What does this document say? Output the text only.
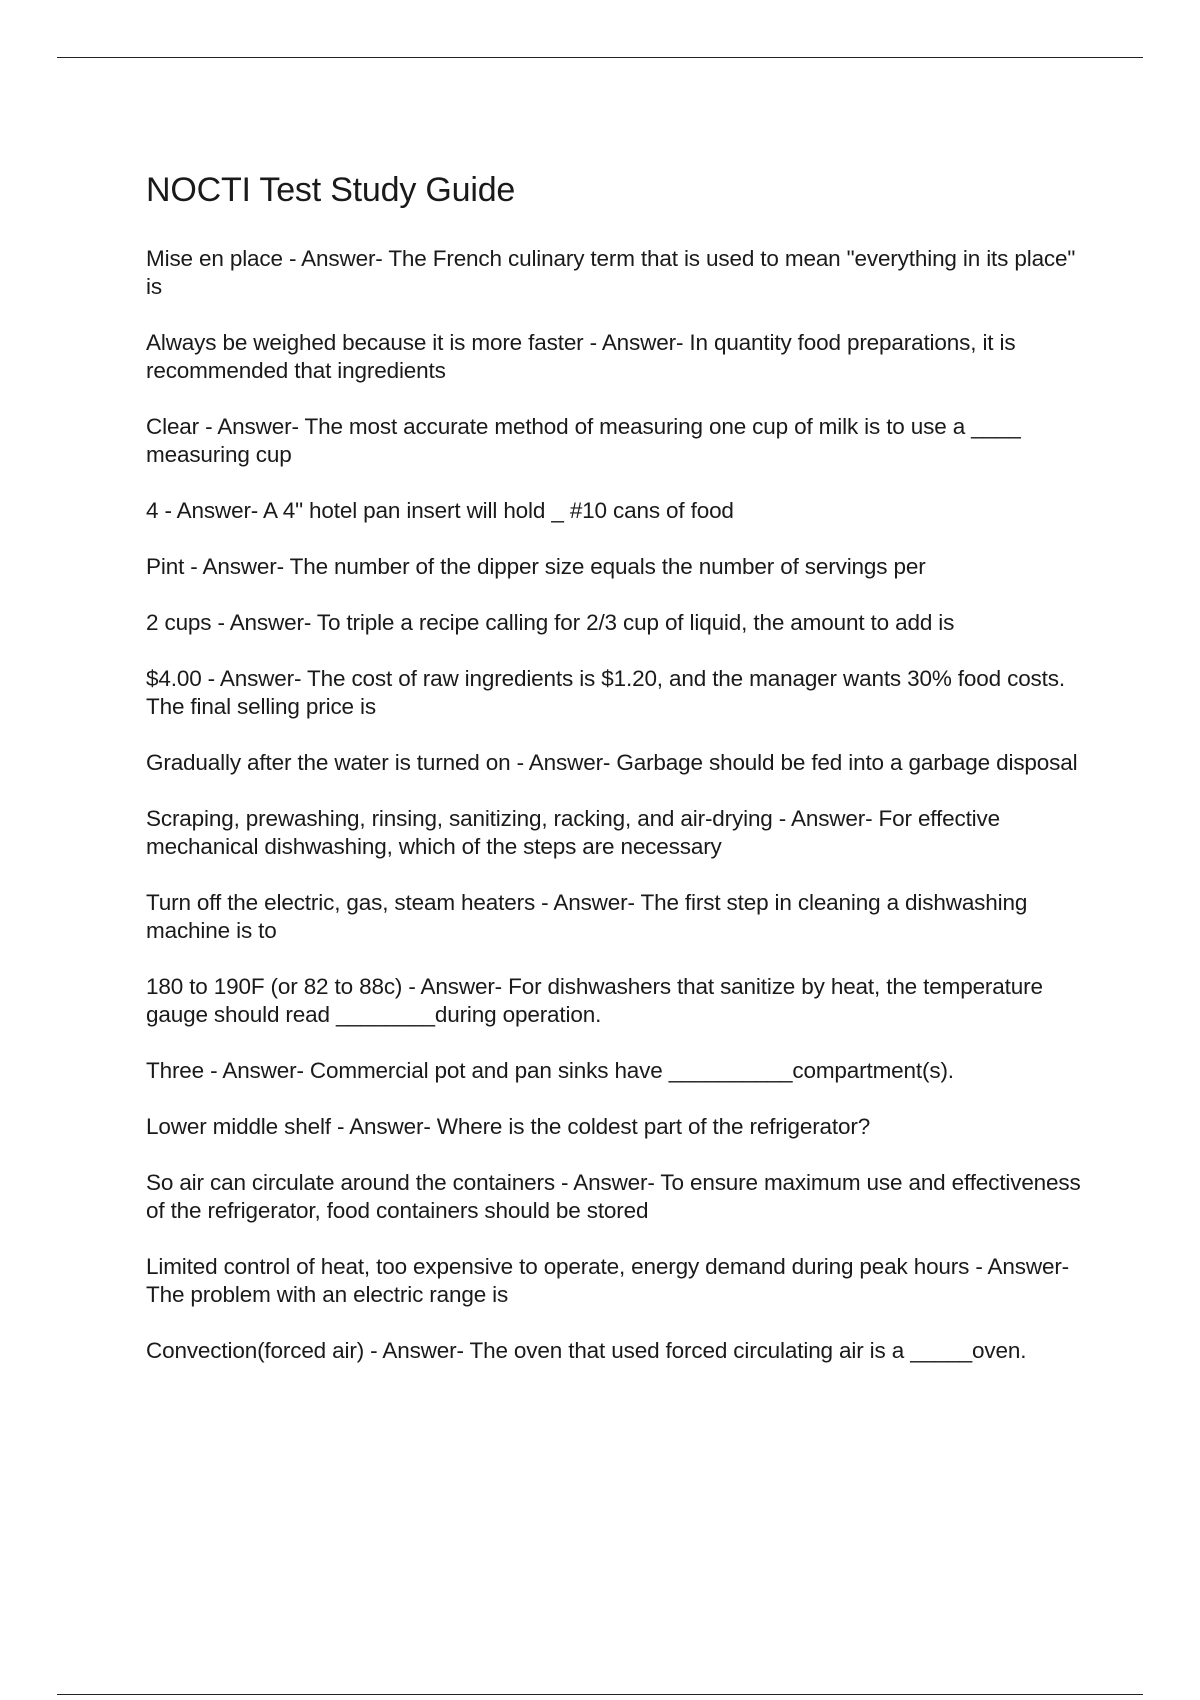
NOCTI Test Study Guide
Mise en place - Answer- The French culinary term that is used to mean "everything in its place" is
Always be weighed because it is more faster - Answer- In quantity food preparations, it is recommended that ingredients
Clear - Answer- The most accurate method of measuring one cup of milk is to use a ____ measuring cup
4 - Answer- A 4" hotel pan insert will hold _ #10 cans of food
Pint - Answer- The number of the dipper size equals the number of servings per
2 cups - Answer- To triple a recipe calling for 2/3 cup of liquid, the amount to add is
$4.00 - Answer- The cost of raw ingredients is $1.20, and the manager wants 30% food costs. The final selling price is
Gradually after the water is turned on - Answer- Garbage should be fed into a garbage disposal
Scraping, prewashing, rinsing, sanitizing, racking, and air-drying - Answer- For effective mechanical dishwashing, which of the steps are necessary
Turn off the electric, gas, steam heaters - Answer- The first step in cleaning a dishwashing machine is to
180 to 190F (or 82 to 88c) - Answer- For dishwashers that sanitize by heat, the temperature gauge should read ________during operation.
Three - Answer- Commercial pot and pan sinks have __________compartment(s).
Lower middle shelf - Answer- Where is the coldest part of the refrigerator?
So air can circulate around the containers - Answer- To ensure maximum use and effectiveness of the refrigerator, food containers should be stored
Limited control of heat, too expensive to operate, energy demand during peak hours - Answer- The problem with an electric range is
Convection(forced air) - Answer- The oven that used forced circulating air is a _____oven.
